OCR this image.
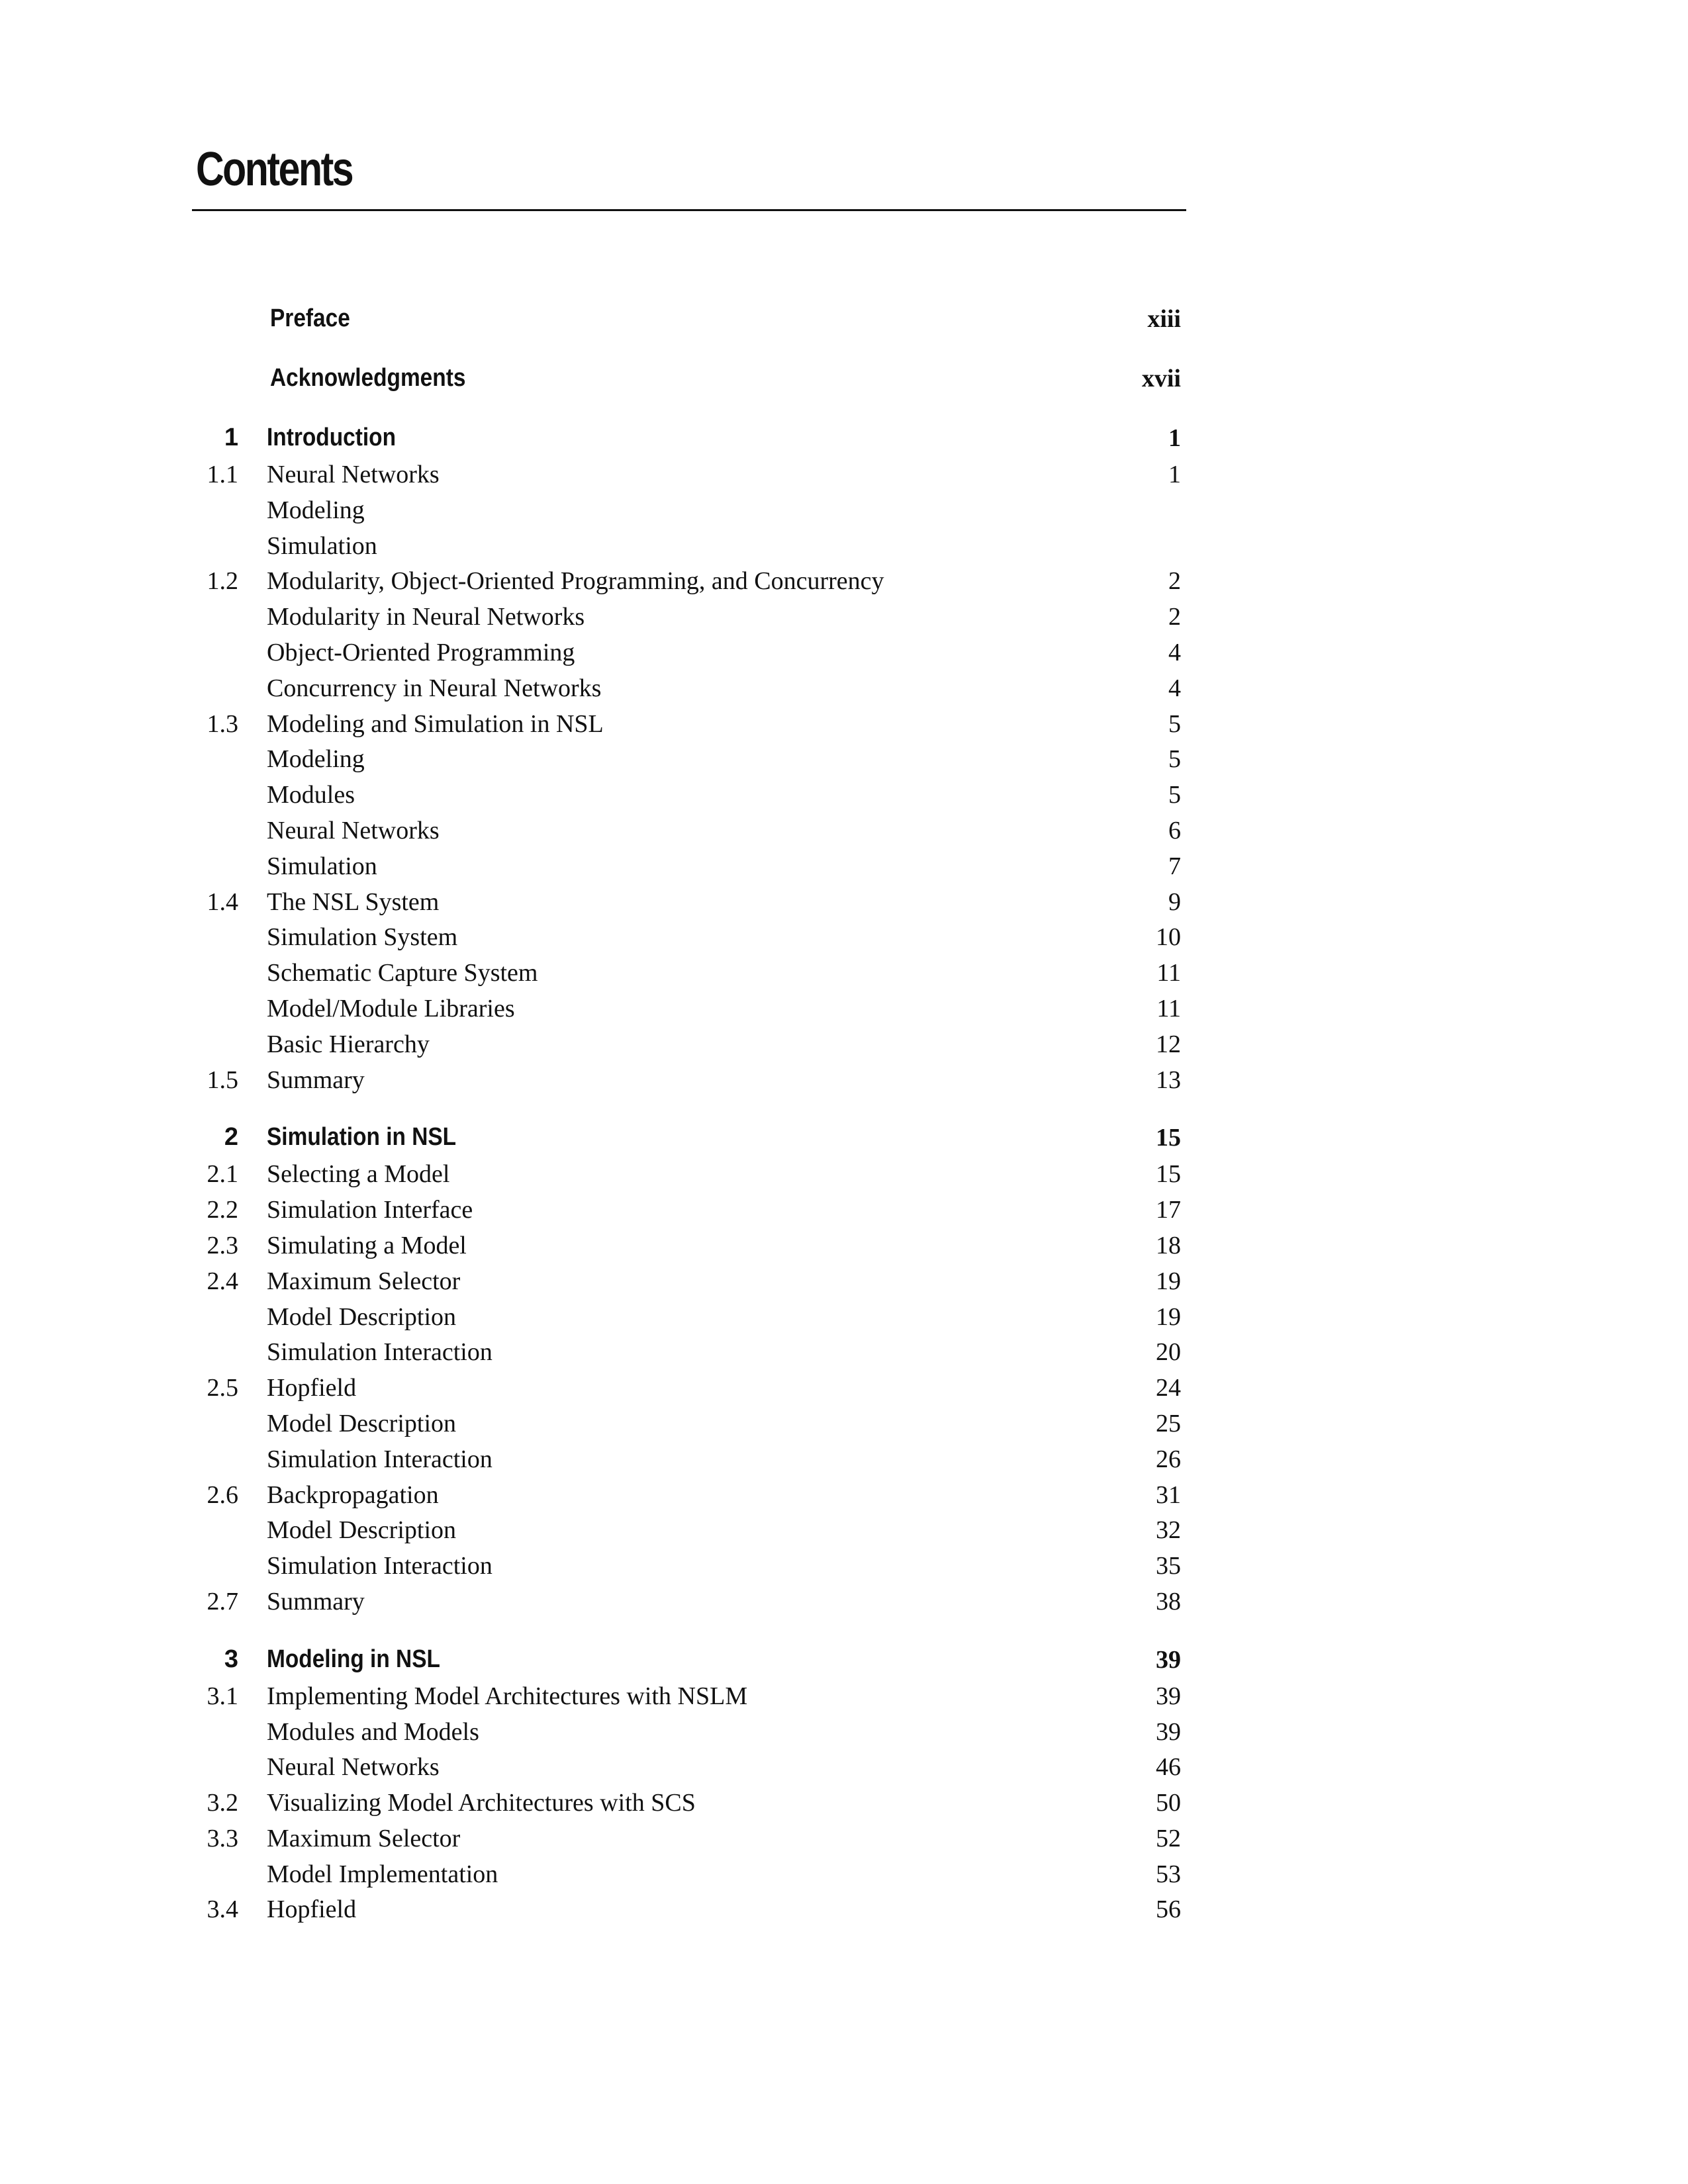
Contents
Preface	xiii
Acknowledgments	xvii
1 Introduction	1
1.1 Neural Networks	1
Modeling
Simulation
1.2 Modularity, Object-Oriented Programming, and Concurrency	2
Modularity in Neural Networks	2
Object-Oriented Programming	4
Concurrency in Neural Networks	4
1.3 Modeling and Simulation in NSL	5
Modeling	5
Modules	5
Neural Networks	6
Simulation	7
1.4 The NSL System	9
Simulation System	10
Schematic Capture System	11
Model/Module Libraries	11
Basic Hierarchy	12
1.5 Summary	13
2 Simulation in NSL	15
2.1 Selecting a Model	15
2.2 Simulation Interface	17
2.3 Simulating a Model	18
2.4 Maximum Selector	19
Model Description	19
Simulation Interaction	20
2.5 Hopfield	24
Model Description	25
Simulation Interaction	26
2.6 Backpropagation	31
Model Description	32
Simulation Interaction	35
2.7 Summary	38
3 Modeling in NSL	39
3.1 Implementing Model Architectures with NSLM	39
Modules and Models	39
Neural Networks	46
3.2 Visualizing Model Architectures with SCS	50
3.3 Maximum Selector	52
Model Implementation	53
3.4 Hopfield	56
